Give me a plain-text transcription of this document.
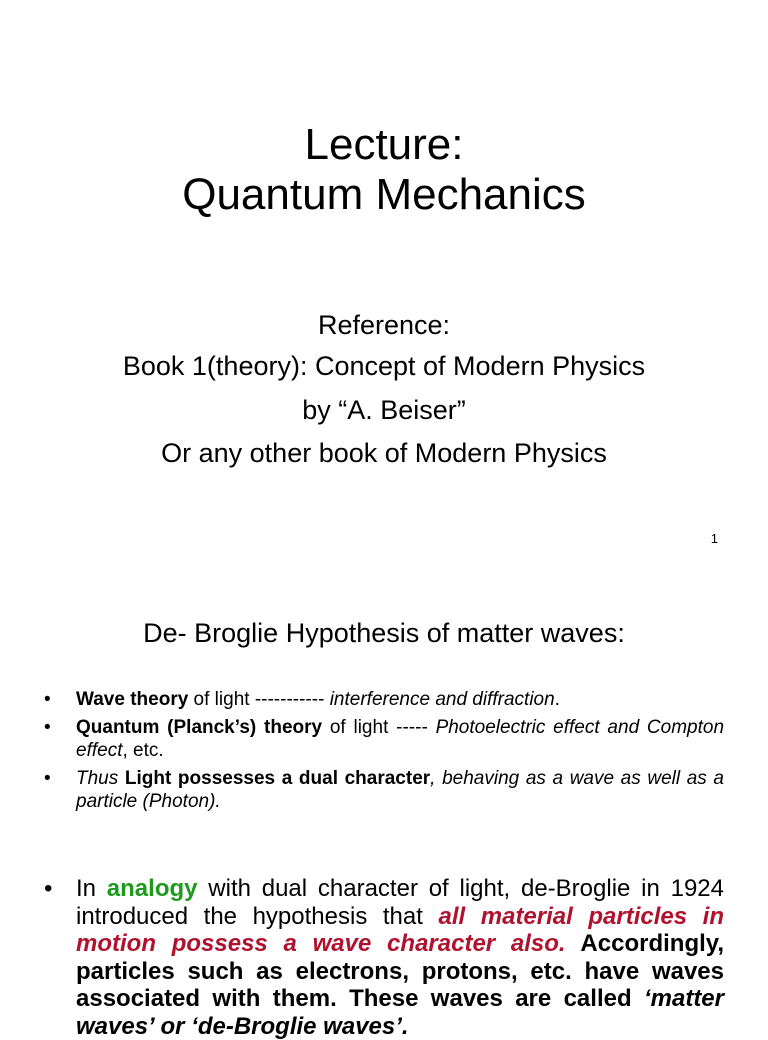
Lecture:
Quantum Mechanics
Reference:
Book 1(theory): Concept of Modern Physics
by “A. Beiser”
Or any other book of Modern Physics
1
De- Broglie Hypothesis of matter waves:
• Wave theory of light ----------- interference and diffraction.
• Quantum (Planck’s) theory of light ----- Photoelectric effect and Compton effect, etc.
• Thus Light possesses a dual character, behaving as a wave as well as a particle (Photon).
• In analogy with dual character of light, de-Broglie in 1924 introduced the hypothesis that all material particles in motion possess a wave character also. Accordingly, particles such as electrons, protons, etc. have waves associated with them. These waves are called ‘matter waves’ or ‘de-Broglie waves’.
